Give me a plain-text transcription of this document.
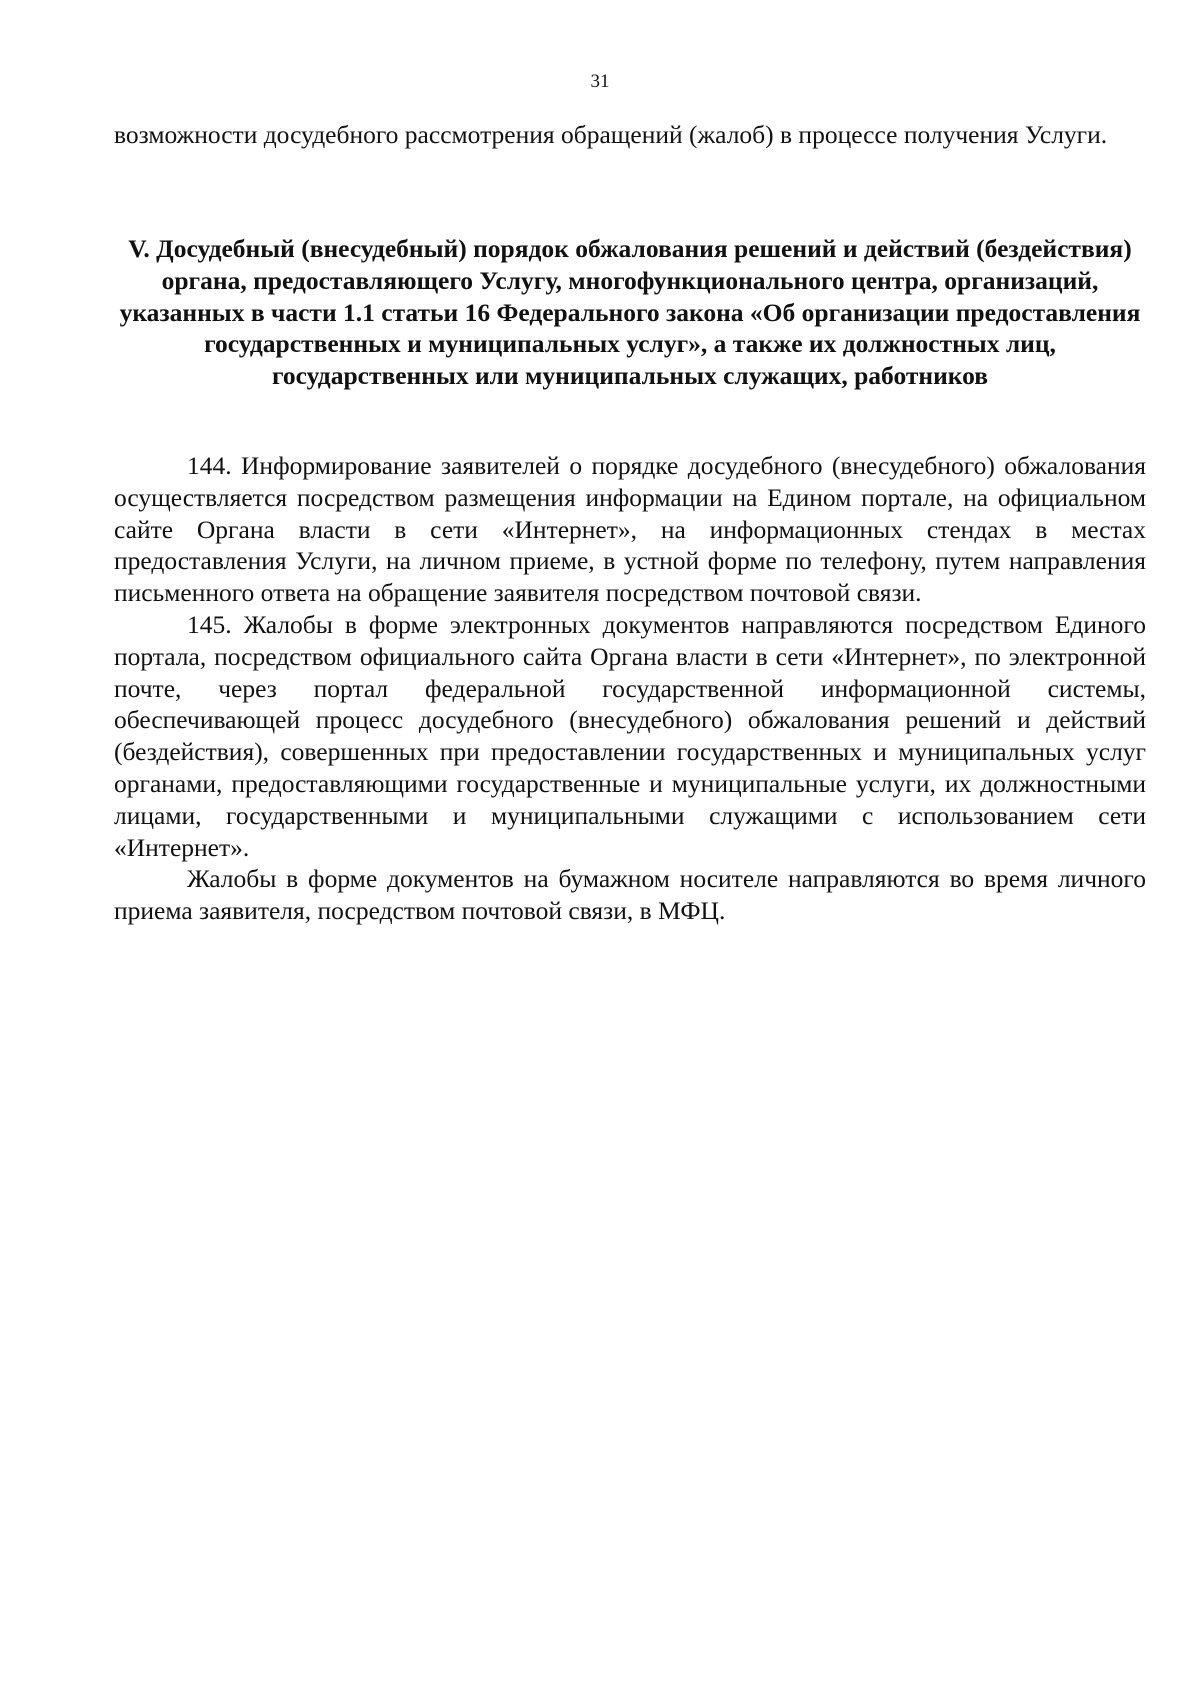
31

возможности досудебного рассмотрения обращений (жалоб) в процессе получения Услуги.

V. Досудебный (внесудебный) порядок обжалования решений и действий (бездействия) органа, предоставляющего Услугу, многофункционального центра, организаций, указанных в части 1.1 статьи 16 Федерального закона «Об организации предоставления государственных и муниципальных услуг», а также их должностных лиц, государственных или муниципальных служащих, работников

144. Информирование заявителей о порядке досудебного (внесудебного) обжалования осуществляется посредством размещения информации на Едином портале, на официальном сайте Органа власти в сети «Интернет», на информационных стендах в местах предоставления Услуги, на личном приеме, в устной форме по телефону, путем направления письменного ответа на обращение заявителя посредством почтовой связи.

145. Жалобы в форме электронных документов направляются посредством Единого портала, посредством официального сайта Органа власти в сети «Интернет», по электронной почте, через портал федеральной государственной информационной системы, обеспечивающей процесс досудебного (внесудебного) обжалования решений и действий (бездействия), совершенных при предоставлении государственных и муниципальных услуг органами, предоставляющими государственные и муниципальные услуги, их должностными лицами, государственными и муниципальными служащими с использованием сети «Интернет».

Жалобы в форме документов на бумажном носителе направляются во время личного приема заявителя, посредством почтовой связи, в МФЦ.
